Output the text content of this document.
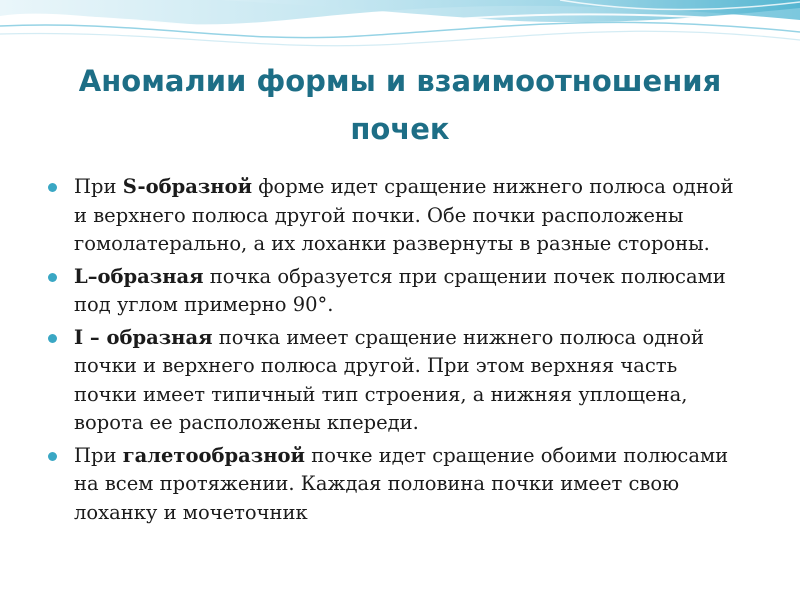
Аномалии формы и взаимоотношения почек
При S-образной форме идет сращение нижнего полюса одной и верхнего полюса другой почки. Обе почки расположены гомолатерально, а их лоханки развернуты в разные стороны.
L–образная почка образуется при сращении почек полюсами под углом примерно 90°.
I – образная почка имеет сращение нижнего полюса одной почки и верхнего полюса другой. При этом верхняя часть почки имеет типичный тип строения, а нижняя уплощена, ворота ее расположены кпереди.
При галетообразной почке идет сращение обоими полюсами на всем протяжении. Каждая половина почки имеет свою лоханку и мочеточник
